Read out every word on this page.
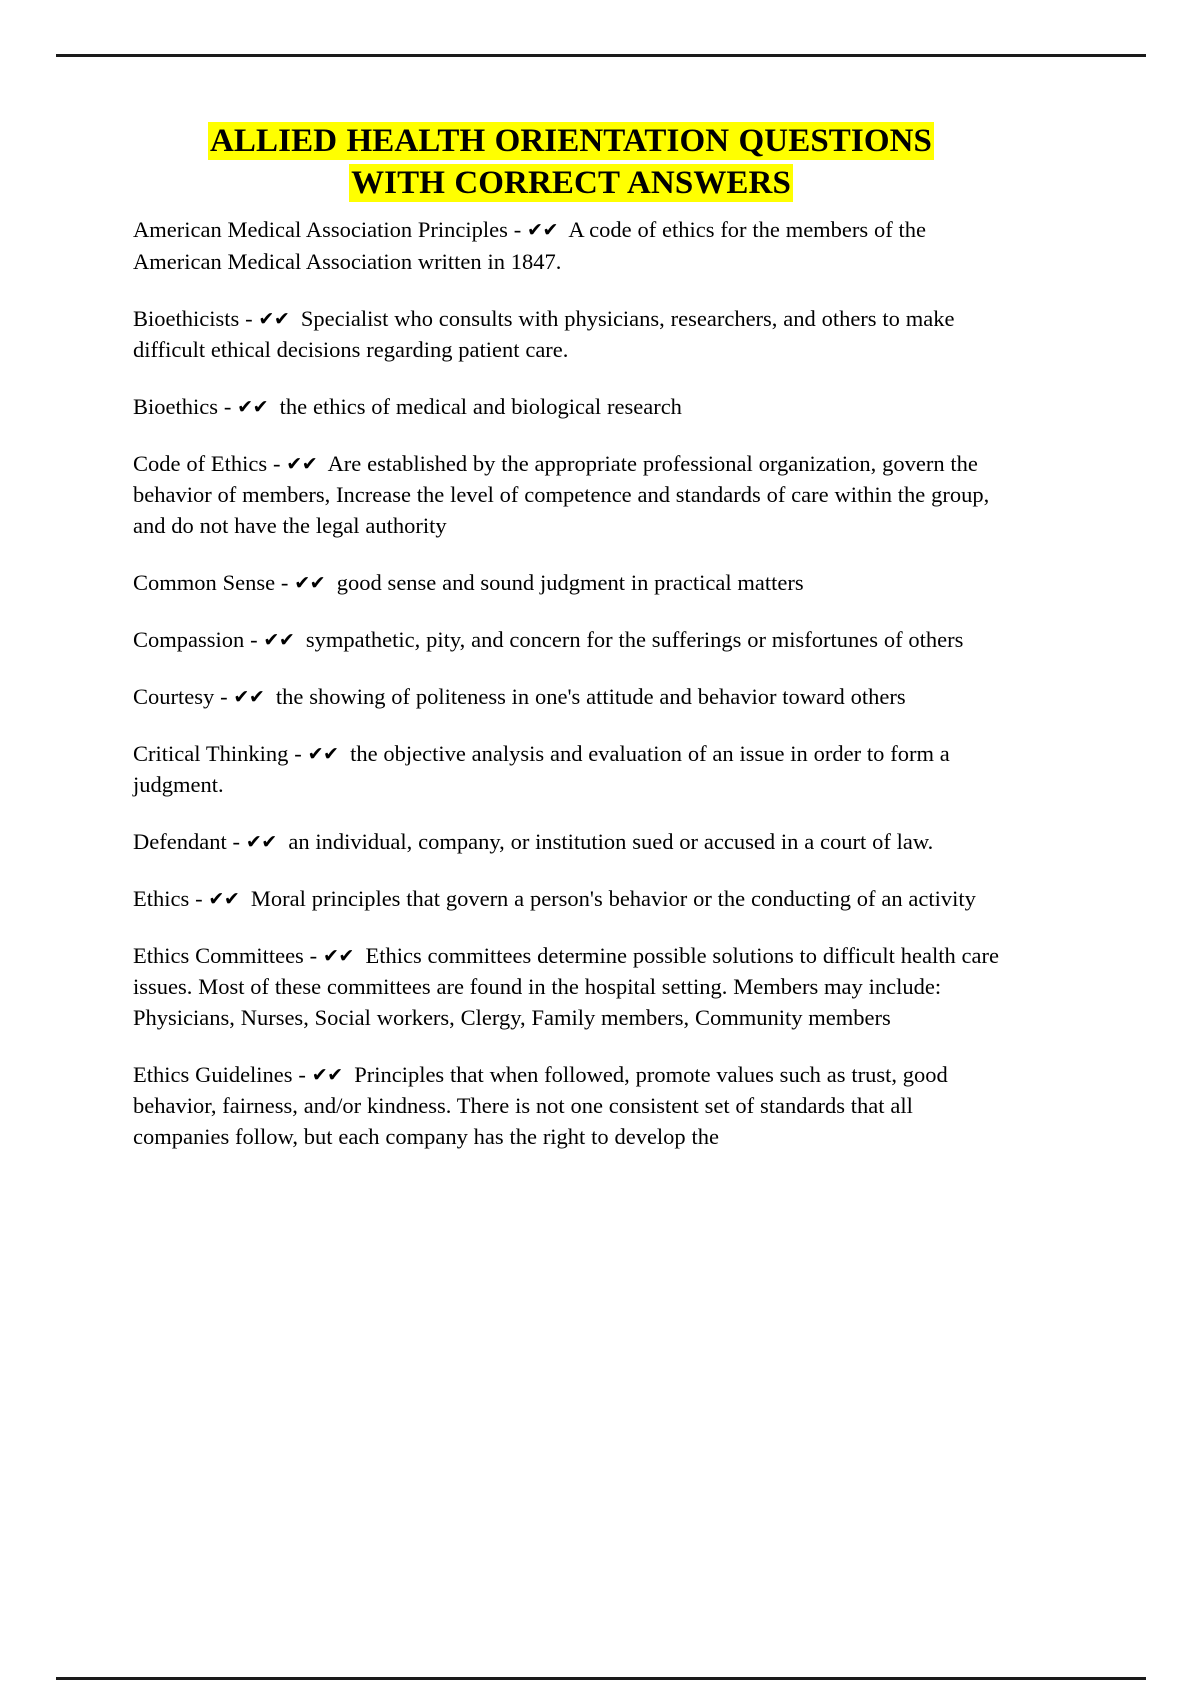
ALLIED HEALTH ORIENTATION QUESTIONS
WITH CORRECT ANSWERS

American Medical Association Principles - ✔✔ A code of ethics for the members of the American Medical Association written in 1847.

Bioethicists - ✔✔ Specialist who consults with physicians, researchers, and others to make difficult ethical decisions regarding patient care.

Bioethics - ✔✔ the ethics of medical and biological research

Code of Ethics - ✔✔ Are established by the appropriate professional organization, govern the behavior of members, Increase the level of competence and standards of care within the group, and do not have the legal authority

Common Sense - ✔✔ good sense and sound judgment in practical matters

Compassion - ✔✔ sympathetic, pity, and concern for the sufferings or misfortunes of others

Courtesy - ✔✔ the showing of politeness in one's attitude and behavior toward others

Critical Thinking - ✔✔ the objective analysis and evaluation of an issue in order to form a judgment.

Defendant - ✔✔ an individual, company, or institution sued or accused in a court of law.

Ethics - ✔✔ Moral principles that govern a person's behavior or the conducting of an activity

Ethics Committees - ✔✔ Ethics committees determine possible solutions to difficult health care issues. Most of these committees are found in the hospital setting. Members may include: Physicians, Nurses, Social workers, Clergy, Family members, Community members

Ethics Guidelines - ✔✔ Principles that when followed, promote values such as trust, good behavior, fairness, and/or kindness. There is not one consistent set of standards that all companies follow, but each company has the right to develop the
